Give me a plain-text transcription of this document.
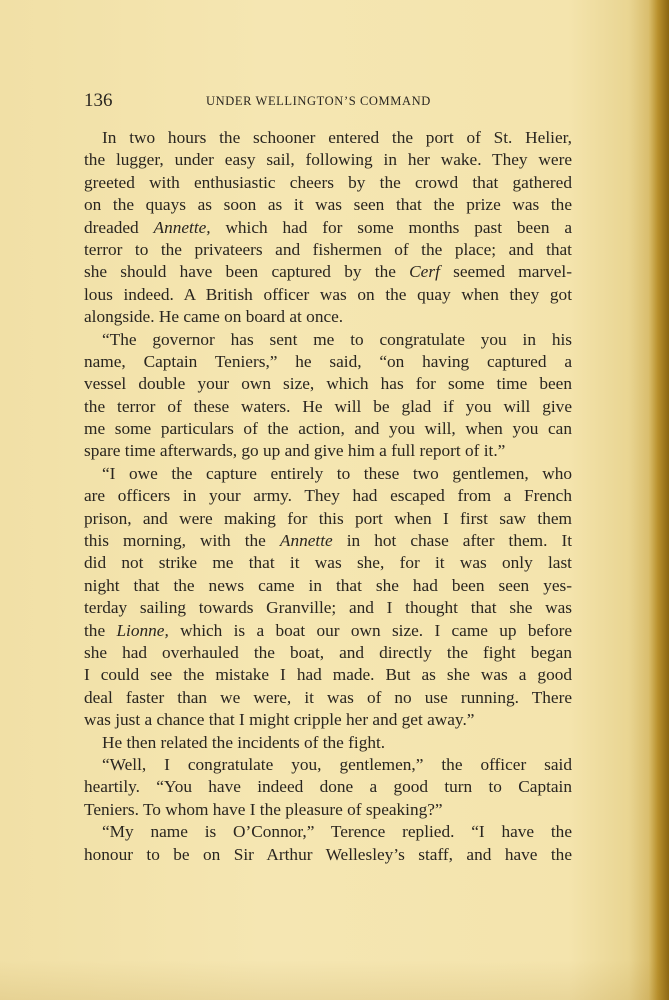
136	UNDER WELLINGTON’S COMMAND
In two hours the schooner entered the port of St. Helier,
the lugger, under easy sail, following in her wake. They were
greeted with enthusiastic cheers by the crowd that gathered
on the quays as soon as it was seen that the prize was the
dreaded Annette, which had for some months past been a
terror to the privateers and fishermen of the place; and that
she should have been captured by the Cerf seemed marvel-
lous indeed. A British officer was on the quay when they got
alongside. He came on board at once.
“The governor has sent me to congratulate you in his
name, Captain Teniers,” he said, “on having captured a
vessel double your own size, which has for some time been
the terror of these waters. He will be glad if you will give
me some particulars of the action, and you will, when you can
spare time afterwards, go up and give him a full report of it.”
“I owe the capture entirely to these two gentlemen, who
are officers in your army. They had escaped from a French
prison, and were making for this port when I first saw them
this morning, with the Annette in hot chase after them. It
did not strike me that it was she, for it was only last
night that the news came in that she had been seen yes-
terday sailing towards Granville; and I thought that she was
the Lionne, which is a boat our own size. I came up before
she had overhauled the boat, and directly the fight began
I could see the mistake I had made. But as she was a good
deal faster than we were, it was of no use running. There
was just a chance that I might cripple her and get away.”
He then related the incidents of the fight.
“Well, I congratulate you, gentlemen,” the officer said
heartily. “You have indeed done a good turn to Captain
Teniers. To whom have I the pleasure of speaking?”
“My name is O’Connor,” Terence replied. “I have the
honour to be on Sir Arthur Wellesley’s staff, and have the
